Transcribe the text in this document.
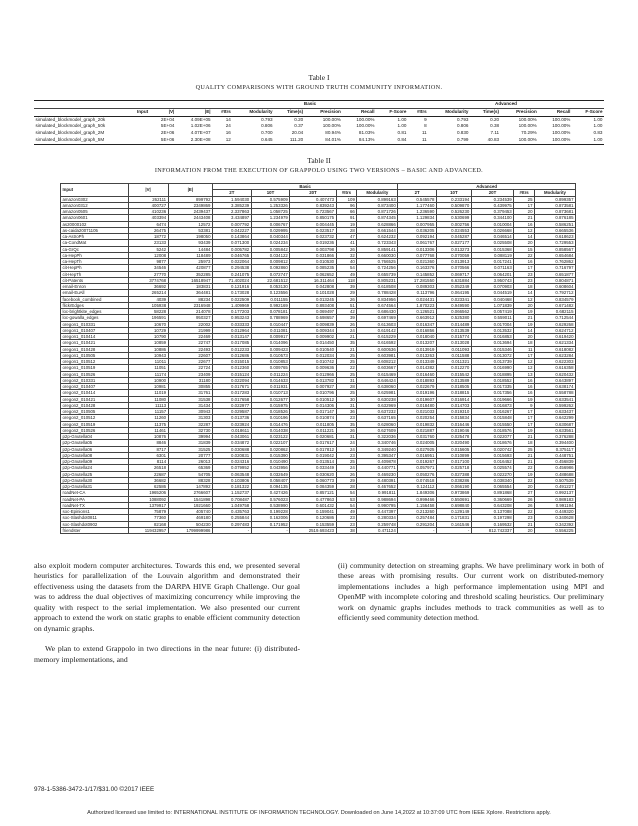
Table I
QUALITY COMPARISONS WITH GROUND TRUTH COMMUNITY INFORMATION.
			Basic						Advanced					
Input	|V|	|E|	#Itrs	Modularity	Time(s)	Precision	Recall	F-Score	#Itrs	Modularity	Time(s)	Precision	Recall	F-Score
simulated_blockmodel_graph_20k	2E+04	4.09E+05	14	0.793	0.20	100.00%	100.00%	1.00	9	0.793	0.20	100.00%	100.00%	1.00
simulated_blockmodel_graph_50k	5E+04	1.02E+06	24	0.806	0.37	100.00%	100.00%	1.00	8	0.806	0.38	100.00%	100.00%	1.00
simulated_blockmodel_graph_2M	2E+06	4.07E+07	16	0.700	20.04	80.94%	81.03%	0.81	11	0.830	7.11	70.29%	100.00%	0.83
simulated_blockmodel_graph_5M	5E+06	2.30E+08	12	0.645	111.20	84.01%	84.13%	0.84	11	0.799	40.83	100.00%	100.00%	1.00
Table II
INFORMATION FROM THE EXECUTION OF GRAPPOLO USING TWO VERSIONS – BASIC AND ADVANCED.
Input	|V|	|E|	Basic					Advanced				
			2T	10T	20T	#Itrs	Modularity	2T	10T	20T	#Itrs	Modularity
amazon0302	262111	899792	1.594030	0.575909	0.407473	109	0.899163	0.545578	0.233194	0.234539	25	0.899357
amazon0312	400727	2349869	3.385239	1.253326	0.839243	96	0.873400	1.177460	0.509870	0.439975	17	0.873581
amazon0505	410236	2439437	2.337863	1.058725	0.723567	66	0.871726	1.236590	0.526230	0.379453	20	0.873681
amazon0601	403394	2443408	3.434897	1.234979	0.850175	91	0.874345	1.129834	0.530699	0.344100	21	0.876185
as20000102	6474	12572	0.007792	0.006767	0.004445	19	0.628866	0.007955	0.002756	0.010004	16	0.586251
as-caida20071105	26475	53381	0.042227	0.029995	0.023517	28	0.661544	0.036205	0.024553	0.026668	12	0.665536
ca-AstroPh	18772	198050	0.143864	0.040344	0.023732	47	0.624232	0.092194	0.045287	0.046514	14	0.618623
ca-CondMat	23133	93439	0.071300	0.024234	0.019236	41	0.723343	0.061767	0.027177	0.025508	20	0.729553
ca-GrQc	5242	14484	0.005782	0.005842	0.003798	26	0.859141	0.013306	0.013273	0.015368	15	0.858567
ca-HepPh	12008	118489	0.046765	0.034122	0.031866	32	0.660030	0.077768	0.070059	0.088119	22	0.654684
ca-HepTh	9877	25973	0.022064	0.009812	0.010530	40	0.766525	0.021360	0.013913	0.017241	16	0.762862
cit-HepPh	34546	420877	0.294538	0.092860	0.085235	54	0.724256	0.163376	0.070566	0.071163	17	0.716797
cit-HepTh	27770	352285	0.241075	0.072747	0.062652	49	0.655739	0.145852	0.069717	0.064201	23	0.651877
cit-Patents	3774768	16518947	71.402024	22.681512	16.311464	118	0.805231	17.281550	6.631884	3.950743	23	0.804871
email-Enron	36692	183831	0.121916	0.053130	0.042808	39	0.618508	0.089303	0.052349	0.070903	18	0.608604
email-EuAll	265214	364481	0.173028	0.123556	0.101028	29	0.788428	0.113796	0.064195	0.044519	14	0.792712
facebook_combined	4039	88234	0.022509	0.011155	0.013245	26	0.834956	0.024431	0.023341	0.040468	12	0.834579
flickrEdges	105938	2316948	1.409969	0.992169	0.893408	51	0.674564	1.870223	0.949590	1.071839	20	0.671482
loc-brightkite_edges	58228	214078	0.177203	0.078181	0.069497	42	0.686430	0.126521	0.066562	0.057419	19	0.682115
loc-gowalla_edges	196591	950327	0.953243	0.788969	0.698657	39	0.697469	0.663912	0.525380	0.559011	21	0.712544
oregon1_010331	10670	22002	0.033333	0.010447	0.009839	26	0.613603	0.016347	0.014489	0.017004	19	0.629268
oregon1_010407	10729	21999	0.012964	0.011081	0.009344	24	0.619142	0.016856	0.013539	0.013532	14	0.624712
oregon1_010414	10790	22469	0.013147	0.009917	0.009902	21	0.615229	0.018040	0.015774	0.016853	20	0.619420
oregon1_010421	10859	22747	0.017085	0.014096	0.014450	35	0.616592	0.013207	0.013028	0.013694	18	0.621334
oregon1_010428	10886	22493	0.012233	0.009423	0.010540	21	0.600536	0.013919	0.011093	0.015346	11	0.618082
oregon1_010505	10943	22607	0.012686	0.010573	0.012034	25	0.603981	0.013263	0.011588	0.013072	17	0.623284
oregon1_010512	11011	22677	0.015015	0.010853	0.010742	25	0.608212	0.013349	0.011321	0.013739	12	0.622303
oregon1_010519	11051	22724	0.012360	0.009765	0.009636	22	0.603667	0.014382	0.012270	0.016990	12	0.616358
oregon1_010526	11174	23409	0.015124	0.011224	0.012966	25	0.615469	0.016460	0.015542	0.018895	13	0.620432
oregon2_010331	10900	31180	0.022094	0.014633	0.013782	31	0.646424	0.018893	0.013589	0.018552	16	0.643897
oregon2_010407	10981	30855	0.017671	0.011931	0.007927	28	0.638060	0.022679	0.018505	0.017335	16	0.638174
oregon2_010414	11019	31761	0.017283	0.010713	0.010796	25	0.625981	0.019196	0.018815	0.017356	16	0.558788
oregon2_010421	11080	31538	0.017658	0.012677	0.010512	30	0.630238	0.019607	0.016914	0.019666	19	0.633541
oregon2_010428	11113	31434	0.022977	0.015975	0.014306	31	0.632969	0.018480	0.014703	0.016873	9	0.599262
oregon2_010505	11157	30943	0.029587	0.018526	0.017147	36	0.637232	0.021033	0.019310	0.016267	17	0.633437
oregon2_010512	11260	31303	0.013736	0.010196	0.010874	23	0.637165	0.020254	0.015834	0.015848	17	0.642299
oregon2_010519	11375	32287	0.023924	0.014476	0.011805	35	0.628060	0.019832	0.016446	0.015550	17	0.630687
oregon2_010526	11461	32730	0.018611	0.014038	0.011221	26	0.627609	0.021887	0.019046	0.018576	19	0.633561
p2p-Gnutella04	10876	39994	0.043061	0.023122	0.020681	31	0.322036	0.031760	0.025478	0.022077	21	0.376288
p2p-Gnutella05	8846	31839	0.034872	0.022107	0.017617	24	0.340746	0.024005	0.020490	0.018676	18	0.394400
p2p-Gnutella06	8717	31525	0.030688	0.020862	0.017812	24	0.349240	0.027925	0.015605	0.020742	25	0.375117
p2p-Gnutella08	6301	20777	0.020831	0.015390	0.019042	23	0.395347	0.016951	0.010899	0.015693	21	0.448751
p2p-Gnutella09	8114	26013	0.024316	0.010490	0.013514	25	0.409878	0.019267	0.017100	0.016452	21	0.456839
p2p-Gnutella24	26518	65369	0.079952	0.043956	0.033449	24	0.440771	0.057971	0.025718	0.025574	22	0.456986
p2p-Gnutella25	22687	54705	0.063548	0.032649	0.030620	26	0.469230	0.050276	0.027388	0.022270	19	0.488688
p2p-Gnutella30	36682	88328	0.103806	0.058407	0.060773	29	0.480391	0.074518	0.038286	0.038340	22	0.507539
p2p-Gnutella31	62586	147892	0.181322	0.094135	0.084359	28	0.467652	0.124112	0.066190	0.065554	20	0.491227
roadNet-CA	1965206	2766607	1.152737	0.427426	0.857121	54	0.991811	1.849306	0.973869	0.891868	27	0.992137
roadNet-PA	1088092	1541898	0.708487	0.576023	0.477863	53	0.988694	0.999466	0.550691	0.360669	26	0.989183
roadNet-TX	1379917	1921660	1.049758	0.538990	0.601432	54	0.990795	1.156458	0.698840	0.643208	26	0.991194
soc-Epinions1	75879	405740	0.435763	0.199228	0.159041	49	0.447397	0.213260	0.129149	0.137088	22	0.449320
soc-Slashdot0811	77360	469180	0.255844	0.162006	0.120686	23	0.280334	0.257484	0.171831	0.197298	23	0.340628
soc-Slashdot0902	82168	504230	0.297483	0.171952	0.153559	23	0.259748	0.291204	0.161546	0.169532	21	0.342392
friendster	119432957	1799999986	-	-	2519.693423	38	0.471124	-	-	812.742337	20	0.556225

also exploit modern computer architectures. Towards this end, we presented several heuristics for parallelization of the Louvain algorithm and demonstrated their effectiveness using the datasets from the DARPA HIVE Graph Challenge. Our goal was to address the dual objectives of maximizing concurrency while improving the quality with respect to the serial implementation. We also presented our current approach to extend the work on static graphs to enable efficient community detection on dynamic graphs.

We plan to extend Grappolo in two directions in the near future: (i) distributed-memory implementations, and

(ii) community detection on streaming graphs. We have preliminary work in both of these areas with promising results. Our current work on distributed-memory implementations includes a high performance implementation using MPI and OpenMP with incomplete coloring and threshold scaling heuristics. Our preliminary work on dynamic graphs includes methods to track communities as well as to efficiently seed community detection method.

978-1-5386-3472-1/17/$31.00 ©2017 IEEE
Authorized licensed use limited to: INTERNATIONAL INSTITUTE OF INFORMATION TECHNOLOGY. Downloaded on June 14,2022 at 10:37:09 UTC from IEEE Xplore. Restrictions apply.
